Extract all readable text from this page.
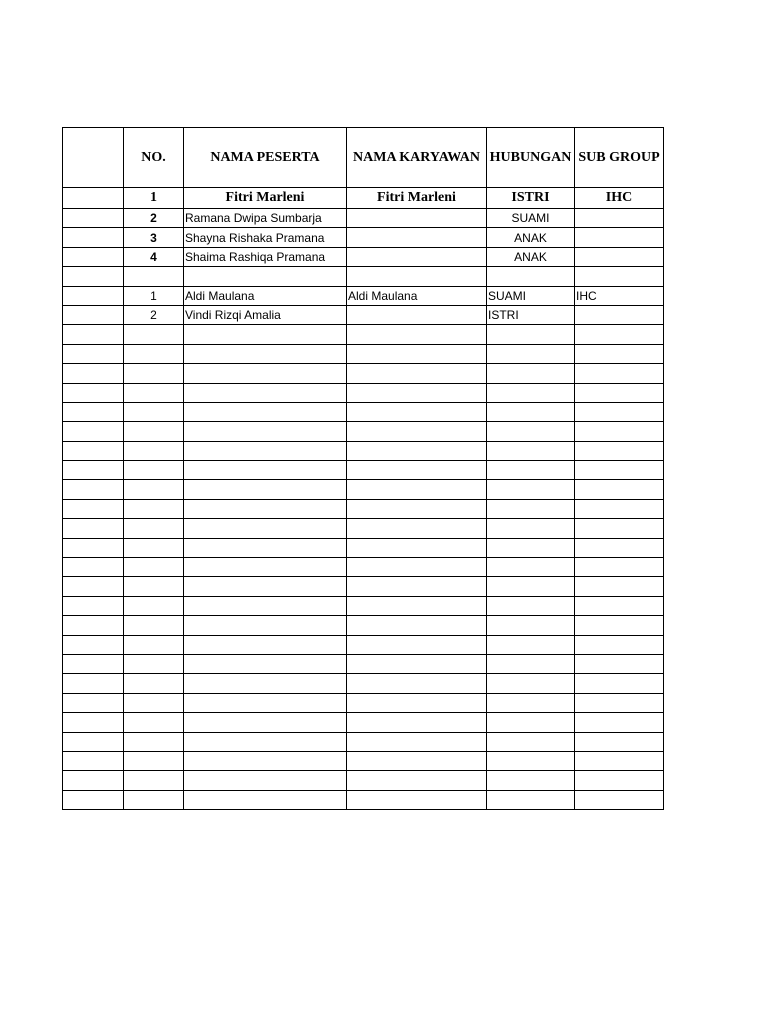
	NO.	NAMA PESERTA	NAMA KARYAWAN	HUBUNGAN	SUB GROUP
	1	Fitri Marleni	Fitri Marleni	ISTRI	IHC
	2	Ramana Dwipa Sumbarja		SUAMI	
	3	Shayna Rishaka Pramana		ANAK	
	4	Shaima Rashiqa Pramana		ANAK	

	1	Aldi Maulana	Aldi Maulana	SUAMI	IHC
	2	Vindi Rizqi Amalia		ISTRI	
